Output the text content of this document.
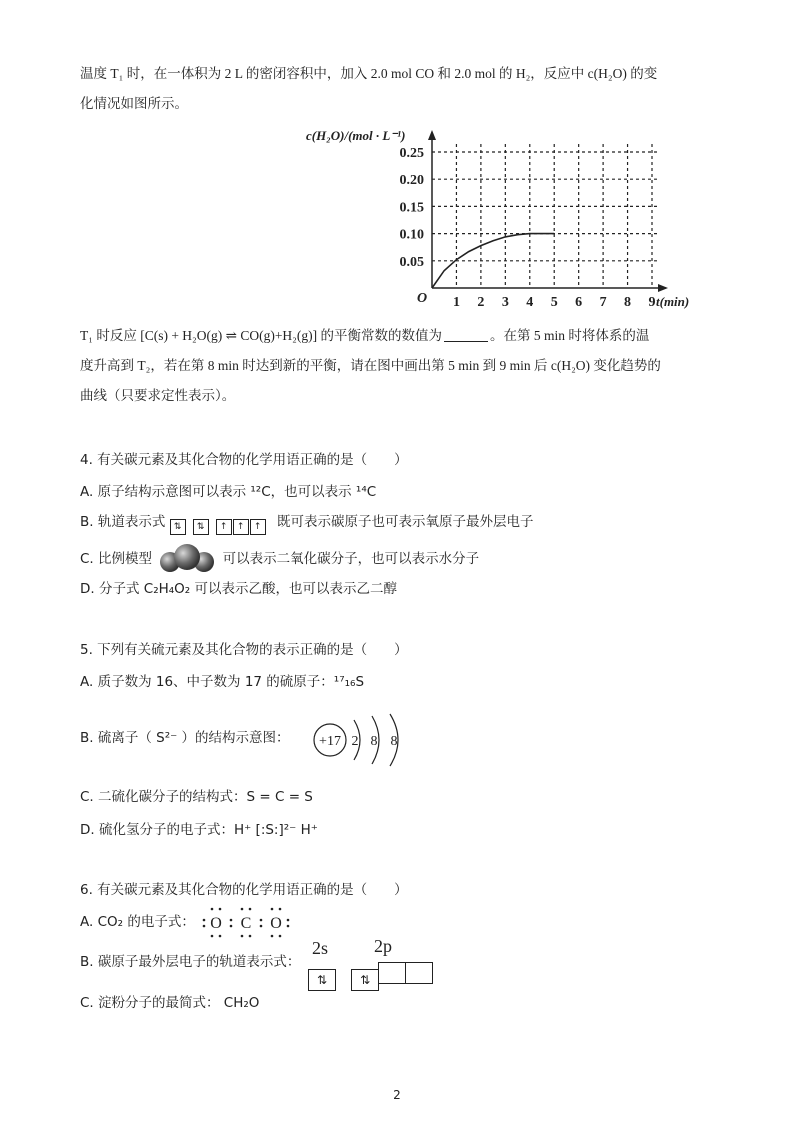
温度 T₁ 时，在一体积为 2 L 的密闭容积中，加入 2.0 mol CO 和 2.0 mol 的 H₂，反应中 c(H₂O) 的变
化情况如图所示。
c(H₂O)/(mol · L⁻¹)
0.05
0.10
0.15
0.20
0.25
1 2 3 4 5 6 7 8 9
O	t(min)
T₁ 时反应 [C(s) + H₂O(g) ⇌ CO(g)+H₂(g)] 的平衡常数的数值为	。在第 5 min 时将体系的温
度升高到 T₂，若在第 8 min 时达到新的平衡，请在图中画出第 5 min 到 9 min 后 c(H₂O) 变化趋势的
曲线（只要求定性表示）。
4. 有关碳元素及其化合物的化学用语正确的是（　　）
A. 原子结构示意图可以表示 ¹²C，也可以表示 ¹⁴C
B. 轨道表示式 ⇅ ⇅ ↑ ↑ ↑ 既可表示碳原子也可表示氧原子最外层电子
C. 比例模型	可以表示二氧化碳分子，也可以表示水分子
D. 分子式 C₂H₄O₂ 可以表示乙酸，也可以表示乙二醇
5. 下列有关硫元素及其化合物的表示正确的是（　　）
A. 质子数为 16、中子数为 17 的硫原子：¹⁷₁₆S
B. 硫离子（ S²⁻ ）的结构示意图： +17 2 8 8
C. 二硫化碳分子的结构式：S = C = S
D. 硫化氢分子的电子式：H⁺ [:S:]²⁻ H⁺
6. 有关碳元素及其化合物的化学用语正确的是（　　）
A. CO₂ 的电子式： O C O
B. 碳原子最外层电子的轨道表示式：
2s	2p
⇅	⇅
C. 淀粉分子的最简式： CH₂O
2
